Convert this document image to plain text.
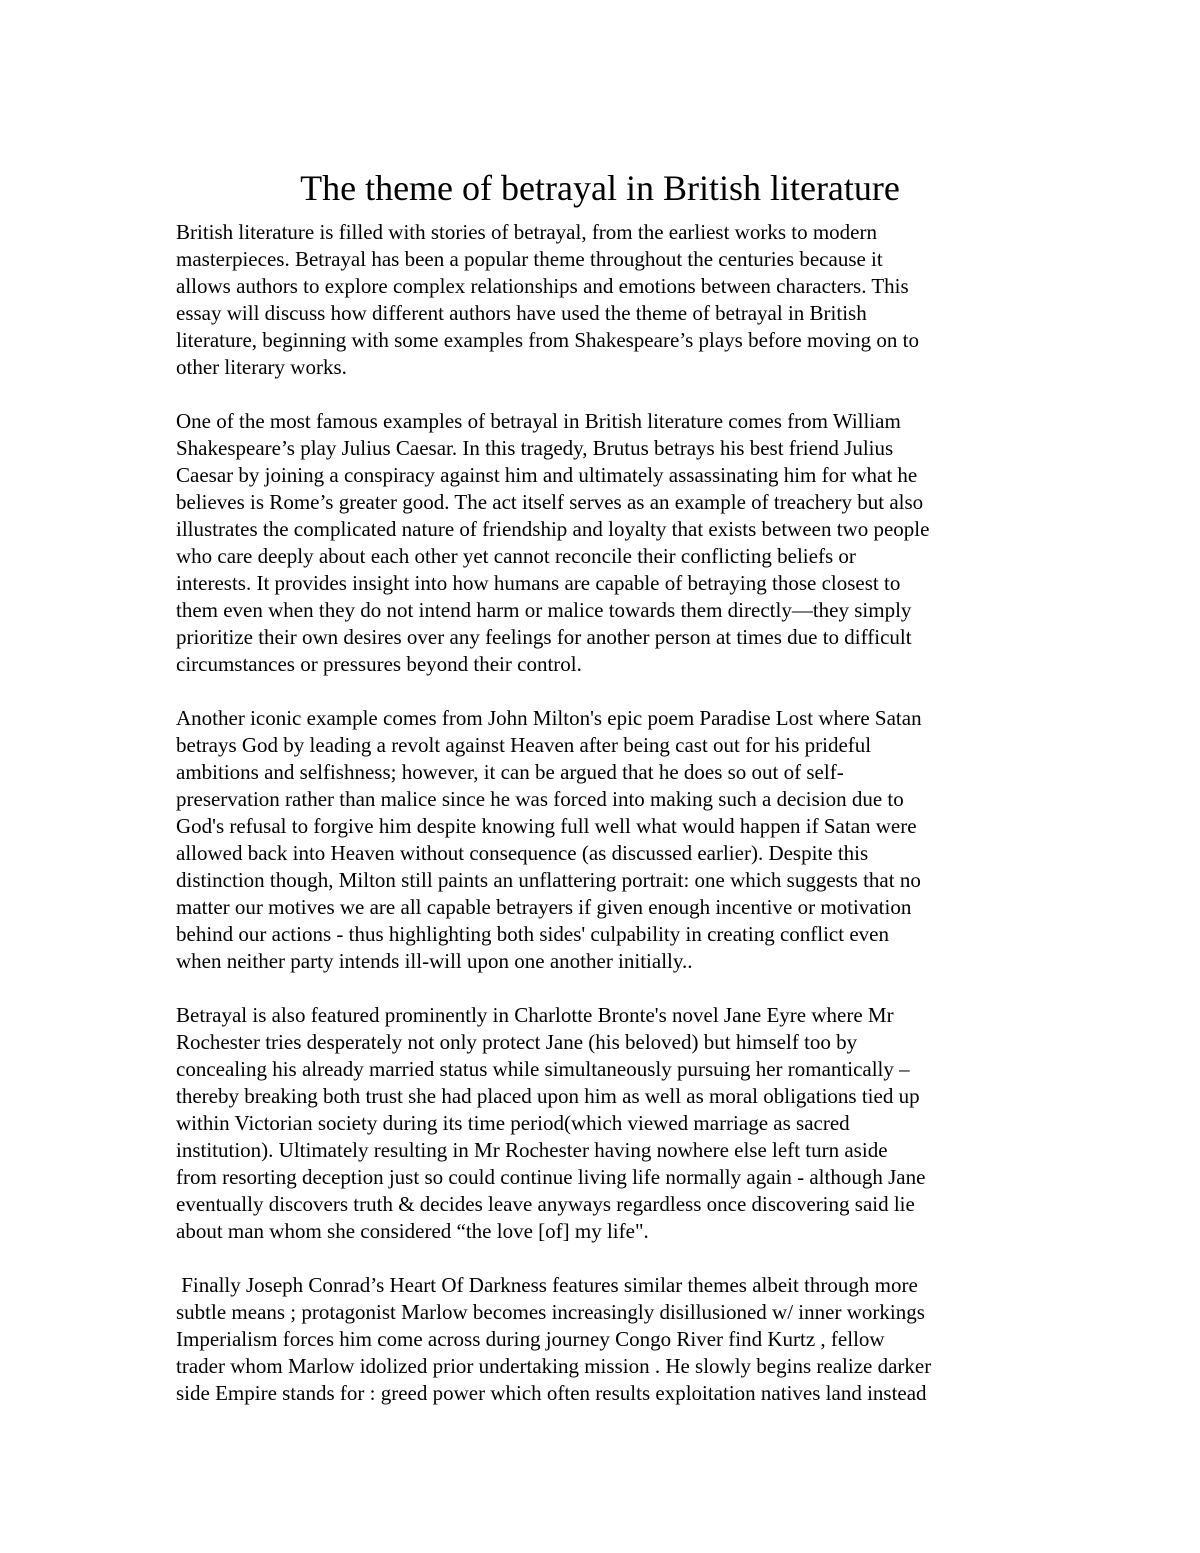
The theme of betrayal in British literature

British literature is filled with stories of betrayal, from the earliest works to modern
masterpieces. Betrayal has been a popular theme throughout the centuries because it
allows authors to explore complex relationships and emotions between characters. This
essay will discuss how different authors have used the theme of betrayal in British
literature, beginning with some examples from Shakespeare’s plays before moving on to
other literary works.

One of the most famous examples of betrayal in British literature comes from William
Shakespeare’s play Julius Caesar. In this tragedy, Brutus betrays his best friend Julius
Caesar by joining a conspiracy against him and ultimately assassinating him for what he
believes is Rome’s greater good. The act itself serves as an example of treachery but also
illustrates the complicated nature of friendship and loyalty that exists between two people
who care deeply about each other yet cannot reconcile their conflicting beliefs or
interests. It provides insight into how humans are capable of betraying those closest to
them even when they do not intend harm or malice towards them directly—they simply
prioritize their own desires over any feelings for another person at times due to difficult
circumstances or pressures beyond their control.

Another iconic example comes from John Milton's epic poem Paradise Lost where Satan
betrays God by leading a revolt against Heaven after being cast out for his prideful
ambitions and selfishness; however, it can be argued that he does so out of self-
preservation rather than malice since he was forced into making such a decision due to
God's refusal to forgive him despite knowing full well what would happen if Satan were
allowed back into Heaven without consequence (as discussed earlier). Despite this
distinction though, Milton still paints an unflattering portrait: one which suggests that no
matter our motives we are all capable betrayers if given enough incentive or motivation
behind our actions - thus highlighting both sides' culpability in creating conflict even
when neither party intends ill-will upon one another initially..

Betrayal is also featured prominently in Charlotte Bronte's novel Jane Eyre where Mr
Rochester tries desperately not only protect Jane (his beloved) but himself too by
concealing his already married status while simultaneously pursuing her romantically –
thereby breaking both trust she had placed upon him as well as moral obligations tied up
within Victorian society during its time period(which viewed marriage as sacred
institution). Ultimately resulting in Mr Rochester having nowhere else left turn aside
from resorting deception just so could continue living life normally again - although Jane
eventually discovers truth & decides leave anyways regardless once discovering said lie
about man whom she considered “the love [of] my life".

Finally Joseph Conrad’s Heart Of Darkness features similar themes albeit through more
subtle means ; protagonist Marlow becomes increasingly disillusioned w/ inner workings
Imperialism forces him come across during journey Congo River find Kurtz , fellow
trader whom Marlow idolized prior undertaking mission . He slowly begins realize darker
side Empire stands for : greed power which often results exploitation natives land instead
